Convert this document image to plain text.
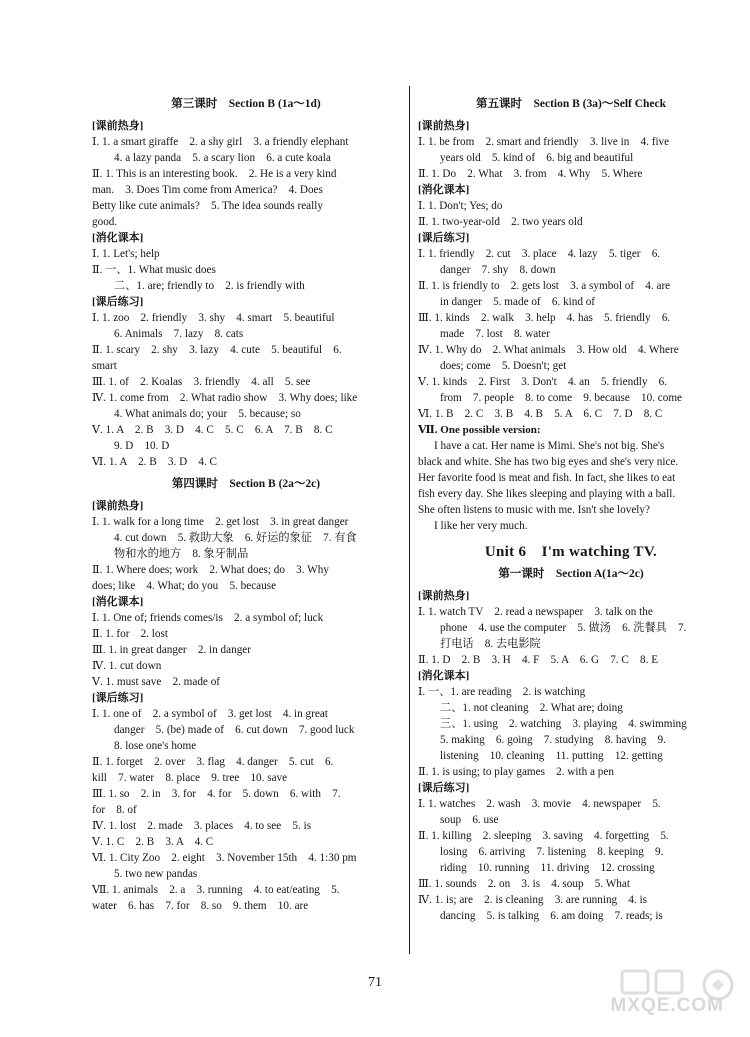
第三课时　Section B (1a～1d)
[课前热身]
Ⅰ. 1. a smart giraffe　2. a shy girl　3. a friendly elephant
4. a lazy panda　5. a scary lion　6. a cute koala
Ⅱ. 1. This is an interesting book.　2. He is a very kind
man.　3. Does Tim come from America?　4. Does
Betty like cute animals?　5. The idea sounds really
good.
[消化课本]
Ⅰ. 1. Let's; help
Ⅱ. 一、1. What music does
二、1. are; friendly to　2. is friendly with
[课后练习]
Ⅰ. 1. zoo　2. friendly　3. shy　4. smart　5. beautiful
6. Animals　7. lazy　8. cats
Ⅱ. 1. scary　2. shy　3. lazy　4. cute　5. beautiful　6.
smart
Ⅲ. 1. of　2. Koalas　3. friendly　4. all　5. see
Ⅳ. 1. come from　2. What radio show　3. Why does; like
4. What animals do; your　5. because; so
Ⅴ. 1. A　2. B　3. D　4. C　5. C　6. A　7. B　8. C
9. D　10. D
Ⅵ. 1. A　2. B　3. D　4. C
第四课时　Section B (2a～2c)
[课前热身]
Ⅰ. 1. walk for a long time　2. get lost　3. in great danger
4. cut down　5. 救助大象　6. 好运的象征　7. 有食
物和水的地方　8. 象牙制品
Ⅱ. 1. Where does; work　2. What does; do　3. Why
does; like　4. What; do you　5. because
[消化课本]
Ⅰ. 1. One of; friends comes/is　2. a symbol of; luck
Ⅱ. 1. for　2. lost
Ⅲ. 1. in great danger　2. in danger
Ⅳ. 1. cut down
Ⅴ. 1. must save　2. made of
[课后练习]
Ⅰ. 1. one of　2. a symbol of　3. get lost　4. in great
danger　5. (be) made of　6. cut down　7. good luck
8. lose one's home
Ⅱ. 1. forget　2. over　3. flag　4. danger　5. cut　6.
kill　7. water　8. place　9. tree　10. save
Ⅲ. 1. so　2. in　3. for　4. for　5. down　6. with　7.
for　8. of
Ⅳ. 1. lost　2. made　3. places　4. to see　5. is
Ⅴ. 1. C　2. B　3. A　4. C
Ⅵ. 1. City Zoo　2. eight　3. November 15th　4. 1:30 pm
5. two new pandas
Ⅶ. 1. animals　2. a　3. running　4. to eat/eating　5.
water　6. has　7. for　8. so　9. them　10. are
第五课时　Section B (3a)～Self Check
[课前热身]
Ⅰ. 1. be from　2. smart and friendly　3. live in　4. five
years old　5. kind of　6. big and beautiful
Ⅱ. 1. Do　2. What　3. from　4. Why　5. Where
[消化课本]
Ⅰ. 1. Don't; Yes; do
Ⅱ. 1. two-year-old　2. two years old
[课后练习]
Ⅰ. 1. friendly　2. cut　3. place　4. lazy　5. tiger　6.
danger　7. shy　8. down
Ⅱ. 1. is friendly to　2. gets lost　3. a symbol of　4. are
in danger　5. made of　6. kind of
Ⅲ. 1. kinds　2. walk　3. help　4. has　5. friendly　6.
made　7. lost　8. water
Ⅳ. 1. Why do　2. What animals　3. How old　4. Where
does; come　5. Doesn't; get
Ⅴ. 1. kinds　2. First　3. Don't　4. an　5. friendly　6.
from　7. people　8. to come　9. because　10. come
Ⅵ. 1. B　2. C　3. B　4. B　5. A　6. C　7. D　8. C
Ⅶ. One possible version:
I have a cat. Her name is Mimi. She's not big. She's
black and white. She has two big eyes and she's very nice.
Her favorite food is meat and fish. In fact, she likes to eat
fish every day. She likes sleeping and playing with a ball.
She often listens to music with me. Isn't she lovely?
I like her very much.
Unit 6　I'm watching TV.
第一课时　Section A(1a～2c)
[课前热身]
Ⅰ. 1. watch TV　2. read a newspaper　3. talk on the
phone　4. use the computer　5. 做汤　6. 洗餐具　7.
打电话　8. 去电影院
Ⅱ. 1. D　2. B　3. H　4. F　5. A　6. G　7. C　8. E
[消化课本]
Ⅰ. 一、1. are reading　2. is watching
二、1. not cleaning　2. What are; doing
三、1. using　2. watching　3. playing　4. swimming
5. making　6. going　7. studying　8. having　9.
listening　10. cleaning　11. putting　12. getting
Ⅱ. 1. is using; to play games　2. with a pen
[课后练习]
Ⅰ. 1. watches　2. wash　3. movie　4. newspaper　5.
soup　6. use
Ⅱ. 1. killing　2. sleeping　3. saving　4. forgetting　5.
losing　6. arriving　7. listening　8. keeping　9.
riding　10. running　11. driving　12. crossing
Ⅲ. 1. sounds　2. on　3. is　4. soup　5. What
Ⅳ. 1. is; are　2. is cleaning　3. are running　4. is
dancing　5. is talking　6. am doing　7. reads; is
71
MXQE.COM
